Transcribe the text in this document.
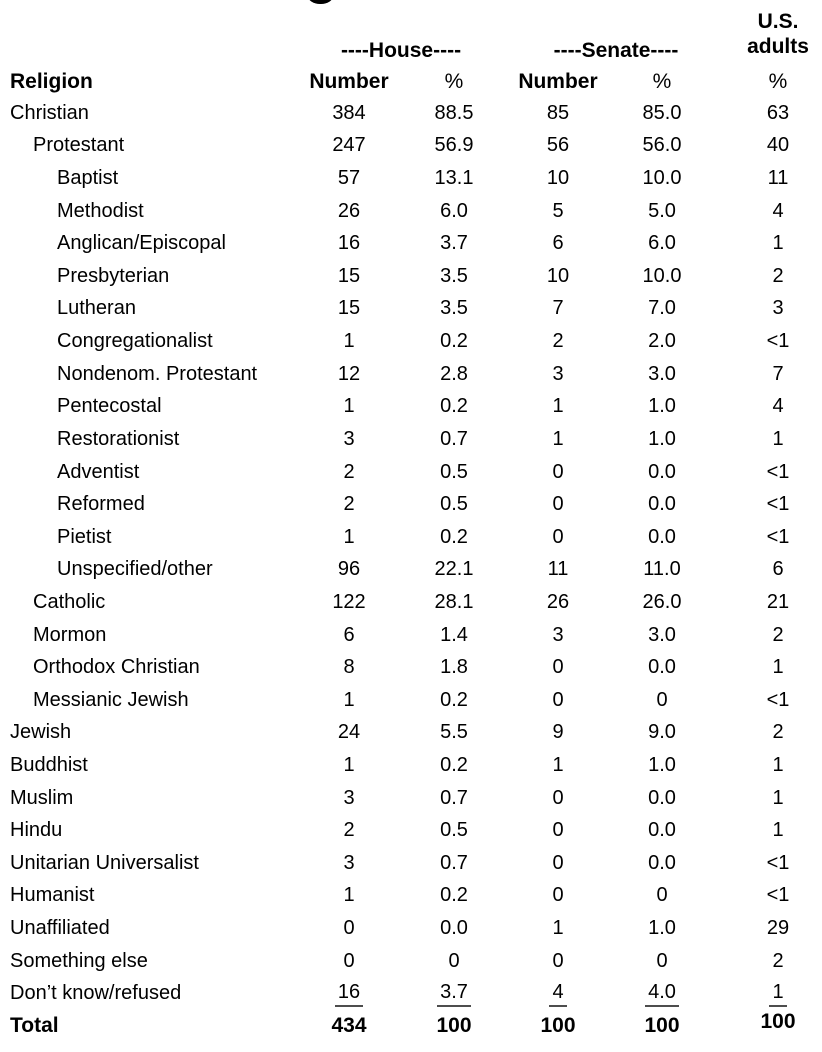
U.S.
adults
----House----	----Senate----
Religion	Number	%	Number	%	%
Christian	384	88.5	85	85.0	63
Protestant	247	56.9	56	56.0	40
Baptist	57	13.1	10	10.0	11
Methodist	26	6.0	5	5.0	4
Anglican/Episcopal	16	3.7	6	6.0	1
Presbyterian	15	3.5	10	10.0	2
Lutheran	15	3.5	7	7.0	3
Congregationalist	1	0.2	2	2.0	<1
Nondenom. Protestant	12	2.8	3	3.0	7
Pentecostal	1	0.2	1	1.0	4
Restorationist	3	0.7	1	1.0	1
Adventist	2	0.5	0	0.0	<1
Reformed	2	0.5	0	0.0	<1
Pietist	1	0.2	0	0.0	<1
Unspecified/other	96	22.1	11	11.0	6
Catholic	122	28.1	26	26.0	21
Mormon	6	1.4	3	3.0	2
Orthodox Christian	8	1.8	0	0.0	1
Messianic Jewish	1	0.2	0	0	<1
Jewish	24	5.5	9	9.0	2
Buddhist	1	0.2	1	1.0	1
Muslim	3	0.7	0	0.0	1
Hindu	2	0.5	0	0.0	1
Unitarian Universalist	3	0.7	0	0.0	<1
Humanist	1	0.2	0	0	<1
Unaffiliated	0	0.0	1	1.0	29
Something else	0	0	0	0	2
Don’t know/refused	16	3.7	4	4.0	1
Total	434	100	100	100	100
